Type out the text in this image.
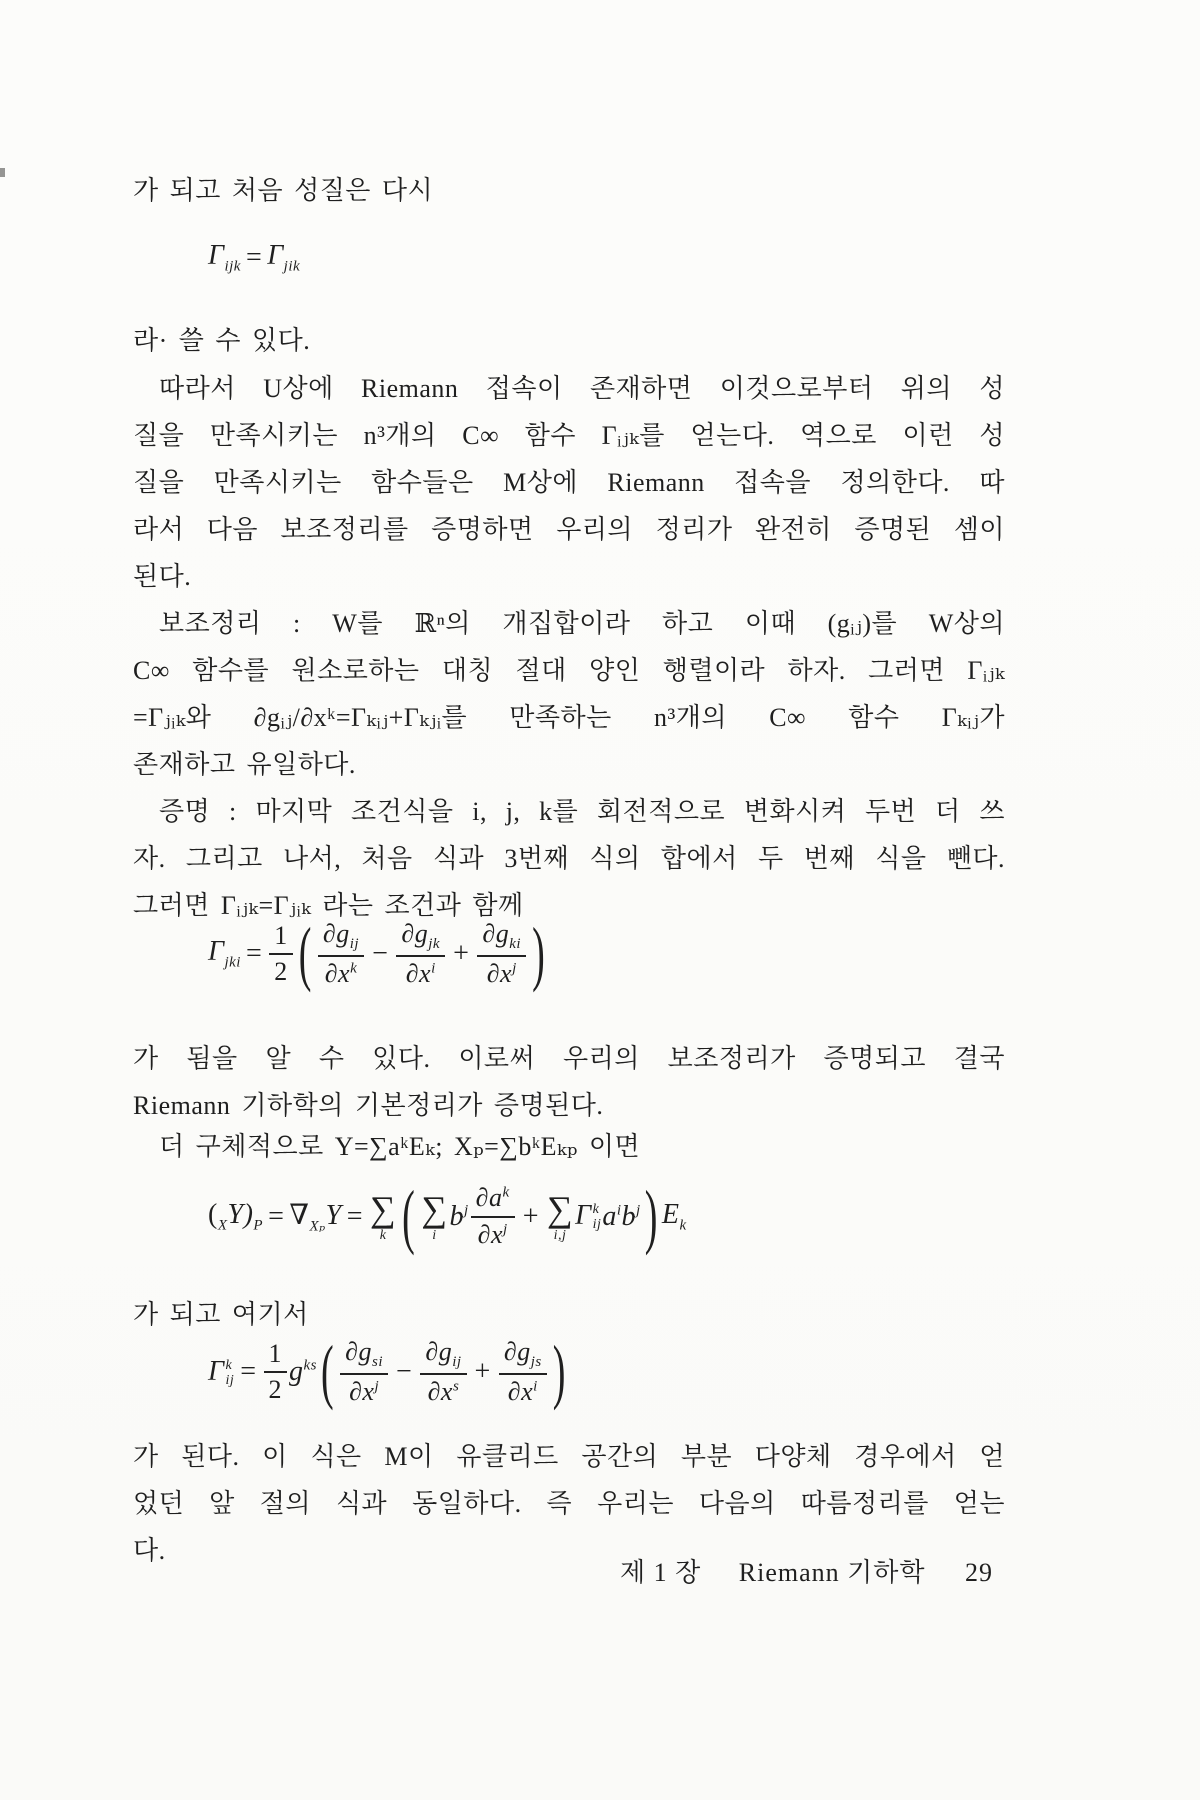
가 되고 처음 성질은 다시
$\Gamma_{ijk} = \Gamma_{jik}$
라· 쓸 수 있다.
따라서 U상에 Riemann 접속이 존재하면 이것으로부터 위의 성
질을 만족시키는 n³개의 C∞ 함수 Γᵢⱼₖ를 얻는다. 역으로 이런 성
질을 만족시키는 함수들은 M상에 Riemann 접속을 정의한다. 따
라서 다음 보조정리를 증명하면 우리의 정리가 완전히 증명된 셈이
된다.
보조정리 : W를 ℝⁿ의 개집합이라 하고 이때 (gᵢⱼ)를 W상의
C∞ 함수를 원소로하는 대칭 절대 양인 행렬이라 하자. 그러면 Γᵢⱼₖ
=Γⱼᵢₖ와 ∂gᵢⱼ/∂xᵏ=Γₖᵢⱼ+Γₖⱼᵢ를 만족하는 n³개의 C∞ 함수 Γₖᵢⱼ가
존재하고 유일하다.
증명 : 마지막 조건식을 i, j, k를 회전적으로 변화시켜 두번 더 쓰
자. 그리고 나서, 처음 식과 3번째 식의 합에서 두 번째 식을 뺀다.
그러면 Γᵢⱼₖ=Γⱼᵢₖ 라는 조건과 함께
$\Gamma_{jki} = \frac{1}{2}$ ( $\frac{\partial g_{ij}}{\partial x^k} - \frac{\partial g_{jk}}{\partial x^i} + \frac{\partial g_{ki}}{\partial x^j}$ )
가 됨을 알 수 있다. 이로써 우리의 보조정리가 증명되고 결국
Riemann 기하학의 기본정리가 증명된다.
더 구체적으로 Y=∑aᵏEₖ; Xₚ=∑bᵏEₖₚ 이면
$(_XY)_P = \nabla_{X_p}Y$ = ∑
k ( ∑
i
$b^j \frac{\partial a^k}{\partial x^j}$ + ∑
i,j
Γ k
ij $a^ib^j$ ) $E_k$
가 되고 여기서
Γ k
ij = $\frac{1}{2} g^{ks}$ ( $\frac{\partial g_{si}}{\partial x^j} - \frac{\partial g_{ij}}{\partial x^s} + \frac{\partial g_{js}}{\partial x^i}$ )
가 된다. 이 식은 M이 유클리드 공간의 부분 다양체 경우에서 얻
었던 앞 절의 식과 동일하다. 즉 우리는 다음의 따름정리를 얻는
다.
제 1 장 Riemann 기하학 29
